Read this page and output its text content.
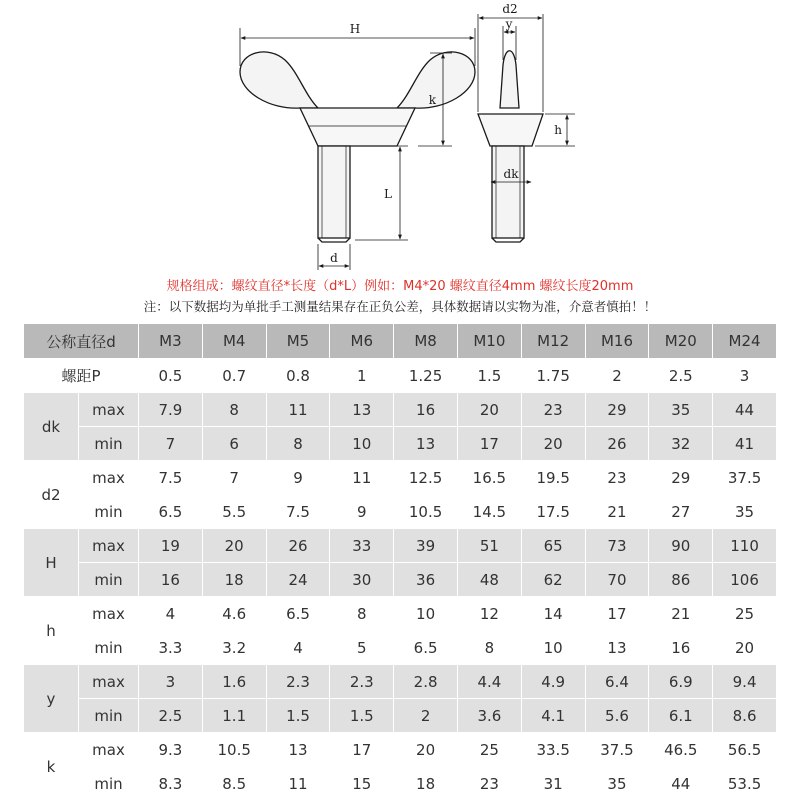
H
k
L
d
d2
y
h
dk
规格组成：螺纹直径*长度（d*L）例如：M4*20 螺纹直径4mm 螺纹长度20mm
注：以下数据均为单批手工测量结果存在正负公差，具体数据请以实物为准，介意者慎拍！！
公称直径d		M3	M4	M5	M6	M8	M10	M12	M16	M20	M24
螺距P		0.5	0.7	0.8	1	1.25	1.5	1.75	2	2.5	3
dk	max	7.9	8	11	13	16	20	23	29	35	44
	min	7	6	8	10	13	17	20	26	32	41
d2	max	7.5	7	9	11	12.5	16.5	19.5	23	29	37.5
	min	6.5	5.5	7.5	9	10.5	14.5	17.5	21	27	35
H	max	19	20	26	33	39	51	65	73	90	110
	min	16	18	24	30	36	48	62	70	86	106
h	max	4	4.6	6.5	8	10	12	14	17	21	25
	min	3.3	3.2	4	5	6.5	8	10	13	16	20
y	max	3	1.6	2.3	2.3	2.8	4.4	4.9	6.4	6.9	9.4
	min	2.5	1.1	1.5	1.5	2	3.6	4.1	5.6	6.1	8.6
k	max	9.3	10.5	13	17	20	25	33.5	37.5	46.5	56.5
	min	8.3	8.5	11	15	18	23	31	35	44	53.5
